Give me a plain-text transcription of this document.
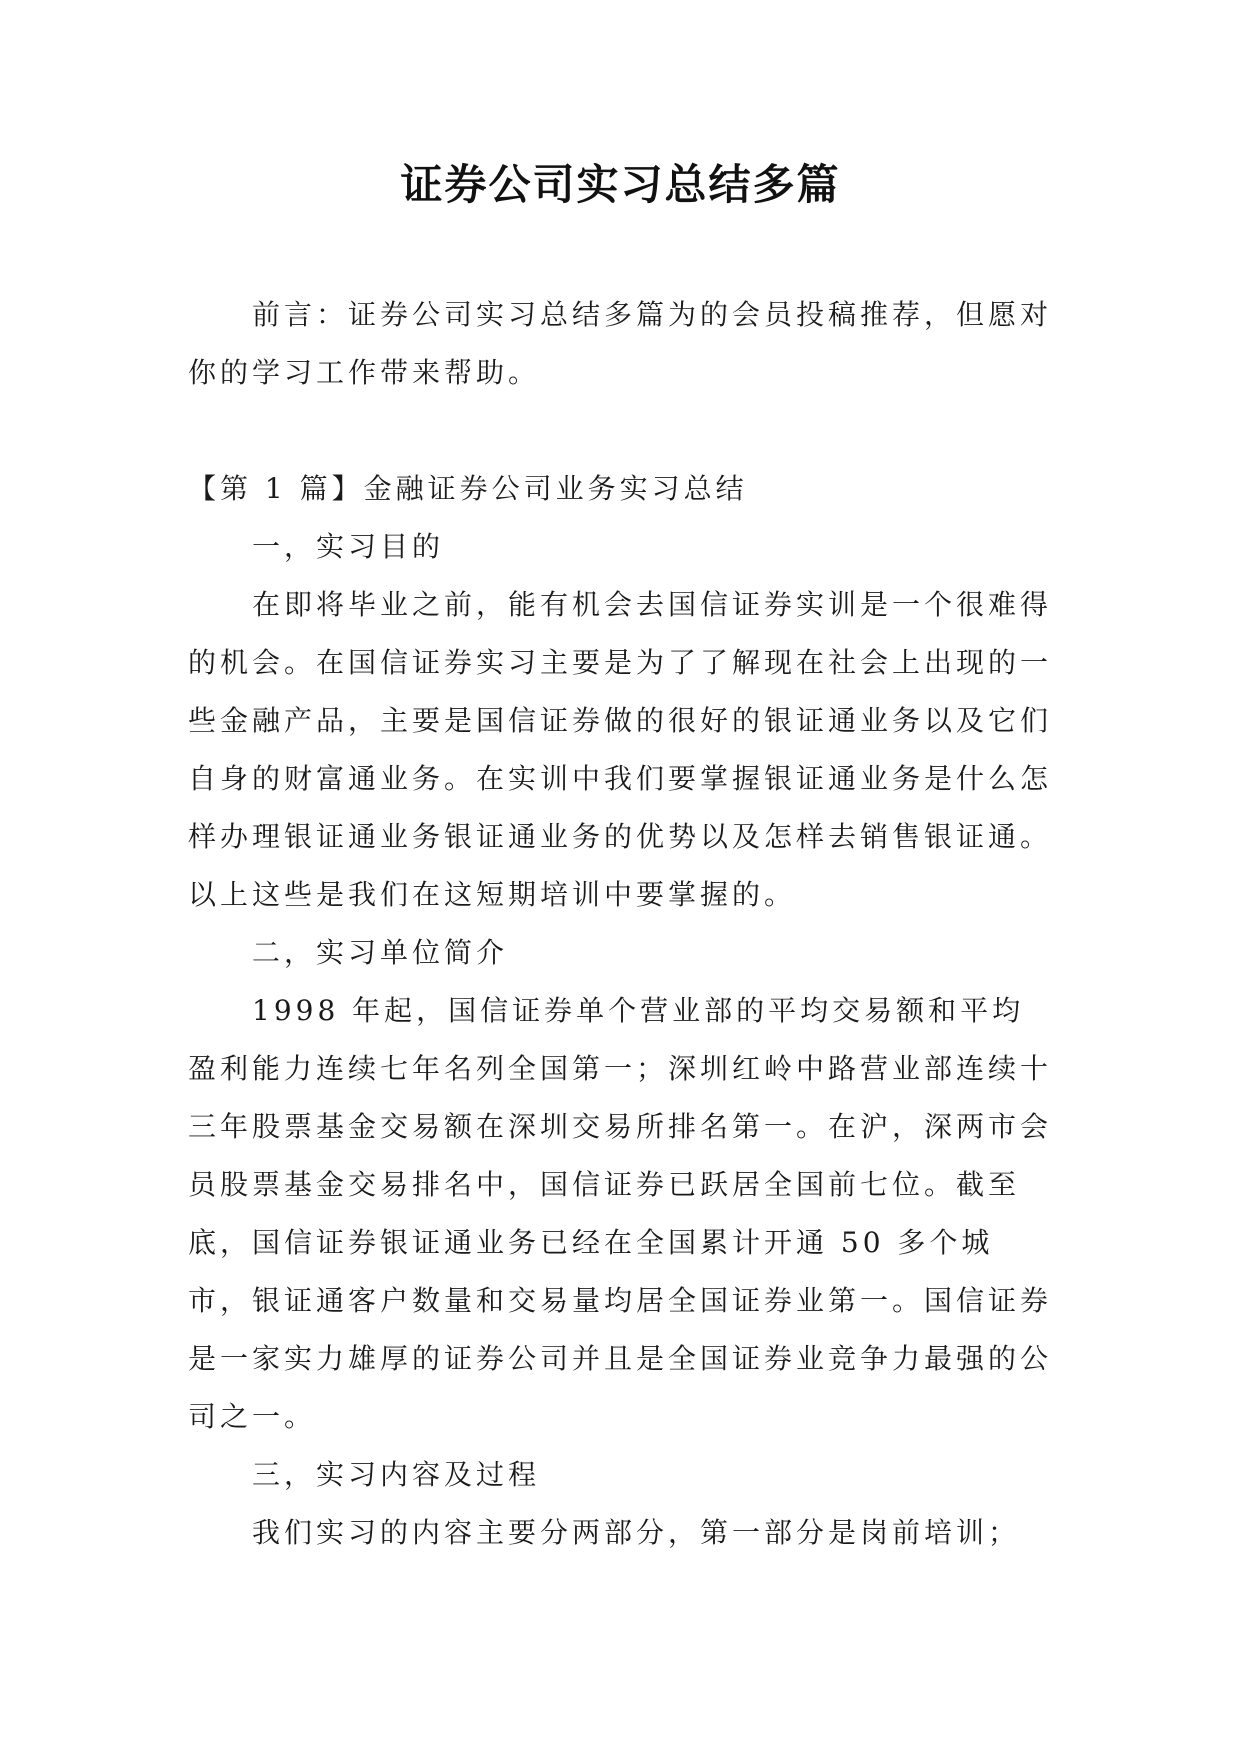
证券公司实习总结多篇

前言：证券公司实习总结多篇为的会员投稿推荐，但愿对你的学习工作带来帮助。

【第 1 篇】金融证券公司业务实习总结

一，实习目的

在即将毕业之前，能有机会去国信证券实训是一个很难得的机会。在国信证券实习主要是为了了解现在社会上出现的一些金融产品，主要是国信证券做的很好的银证通业务以及它们自身的财富通业务。在实训中我们要掌握银证通业务是什么怎样办理银证通业务银证通业务的优势以及怎样去销售银证通。以上这些是我们在这短期培训中要掌握的。

二，实习单位简介

1998 年起，国信证券单个营业部的平均交易额和平均盈利能力连续七年名列全国第一；深圳红岭中路营业部连续十三年股票基金交易额在深圳交易所排名第一。在沪，深两市会员股票基金交易排名中，国信证券已跃居全国前七位。截至底，国信证券银证通业务已经在全国累计开通 50 多个城市，银证通客户数量和交易量均居全国证券业第一。国信证券是一家实力雄厚的证券公司并且是全国证券业竞争力最强的公司之一。

三，实习内容及过程

我们实习的内容主要分两部分，第一部分是岗前培训；
